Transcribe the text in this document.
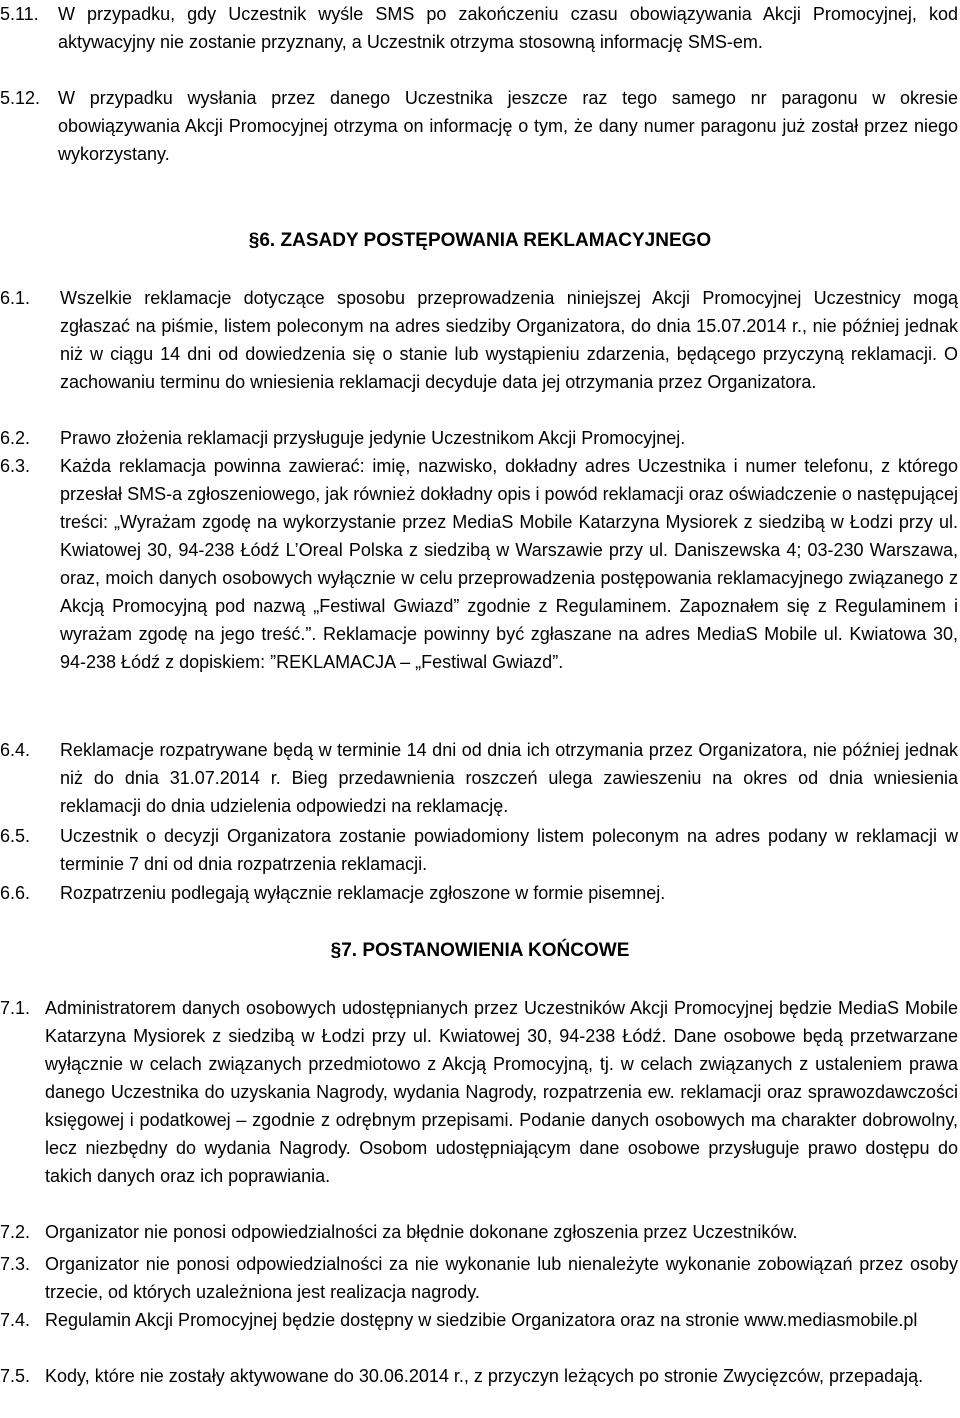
5.11. W przypadku, gdy Uczestnik wyśle SMS po zakończeniu czasu obowiązywania Akcji Promocyjnej, kod aktywacyjny nie zostanie przyznany, a Uczestnik otrzyma stosowną informację SMS-em.
5.12. W przypadku wysłania przez danego Uczestnika jeszcze raz tego samego nr paragonu w okresie obowiązywania Akcji Promocyjnej otrzyma on informację o tym, że dany numer paragonu już został przez niego wykorzystany.
§6. ZASADY POSTĘPOWANIA REKLAMACYJNEGO
6.1. Wszelkie reklamacje dotyczące sposobu przeprowadzenia niniejszej Akcji Promocyjnej Uczestnicy mogą zgłaszać na piśmie, listem poleconym na adres siedziby Organizatora, do dnia 15.07.2014 r., nie później jednak niż w ciągu 14 dni od dowiedzenia się o stanie lub wystąpieniu zdarzenia, będącego przyczyną reklamacji. O zachowaniu terminu do wniesienia reklamacji decyduje data jej otrzymania przez Organizatora.
6.2. Prawo złożenia reklamacji przysługuje jedynie Uczestnikom Akcji Promocyjnej.
6.3. Każda reklamacja powinna zawierać: imię, nazwisko, dokładny adres Uczestnika i numer telefonu, z którego przesłał SMS-a zgłoszeniowego, jak również dokładny opis i powód reklamacji oraz oświadczenie o następującej treści: „Wyrażam zgodę na wykorzystanie przez MediaS Mobile Katarzyna Mysiorek z siedzibą w Łodzi przy ul. Kwiatowej 30, 94-238 Łódź L’Oreal Polska z siedzibą w Warszawie przy ul. Daniszewska 4; 03-230 Warszawa, oraz, moich danych osobowych wyłącznie w celu przeprowadzenia postępowania reklamacyjnego związanego z Akcją Promocyjną pod nazwą „Festiwal Gwiazd” zgodnie z Regulaminem. Zapoznałem się z Regulaminem i wyrażam zgodę na jego treść.”. Reklamacje powinny być zgłaszane na adres MediaS Mobile ul. Kwiatowa 30, 94-238 Łódź z dopiskiem: ”REKLAMACJA – „Festiwal Gwiazd”.
6.4. Reklamacje rozpatrywane będą w terminie 14 dni od dnia ich otrzymania przez Organizatora, nie później jednak niż do dnia 31.07.2014 r. Bieg przedawnienia roszczeń ulega zawieszeniu na okres od dnia wniesienia reklamacji do dnia udzielenia odpowiedzi na reklamację.
6.5. Uczestnik o decyzji Organizatora zostanie powiadomiony listem poleconym na adres podany w reklamacji w terminie 7 dni od dnia rozpatrzenia reklamacji.
6.6. Rozpatrzeniu podlegają wyłącznie reklamacje zgłoszone w formie pisemnej.
§7. POSTANOWIENIA KOŃCOWE
7.1. Administratorem danych osobowych udostępnianych przez Uczestników Akcji Promocyjnej będzie MediaS Mobile Katarzyna Mysiorek z siedzibą w Łodzi przy ul. Kwiatowej 30, 94-238 Łódź. Dane osobowe będą przetwarzane wyłącznie w celach związanych przedmiotowo z Akcją Promocyjną, tj. w celach związanych z ustaleniem prawa danego Uczestnika do uzyskania Nagrody, wydania Nagrody, rozpatrzenia ew. reklamacji oraz sprawozdawczości księgowej i podatkowej – zgodnie z odrębnym przepisami. Podanie danych osobowych ma charakter dobrowolny, lecz niezbędny do wydania Nagrody. Osobom udostępniającym dane osobowe przysługuje prawo dostępu do takich danych oraz ich poprawiania.
7.2. Organizator nie ponosi odpowiedzialności za błędnie dokonane zgłoszenia przez Uczestników.
7.3. Organizator nie ponosi odpowiedzialności za nie wykonanie lub nienależyte wykonanie zobowiązań przez osoby trzecie, od których uzależniona jest realizacja nagrody.
7.4. Regulamin Akcji Promocyjnej będzie dostępny w siedzibie Organizatora oraz na stronie www.mediasmobile.pl
7.5. Kody, które nie zostały aktywowane do 30.06.2014 r., z przyczyn leżących po stronie Zwycięzców, przepadają.
